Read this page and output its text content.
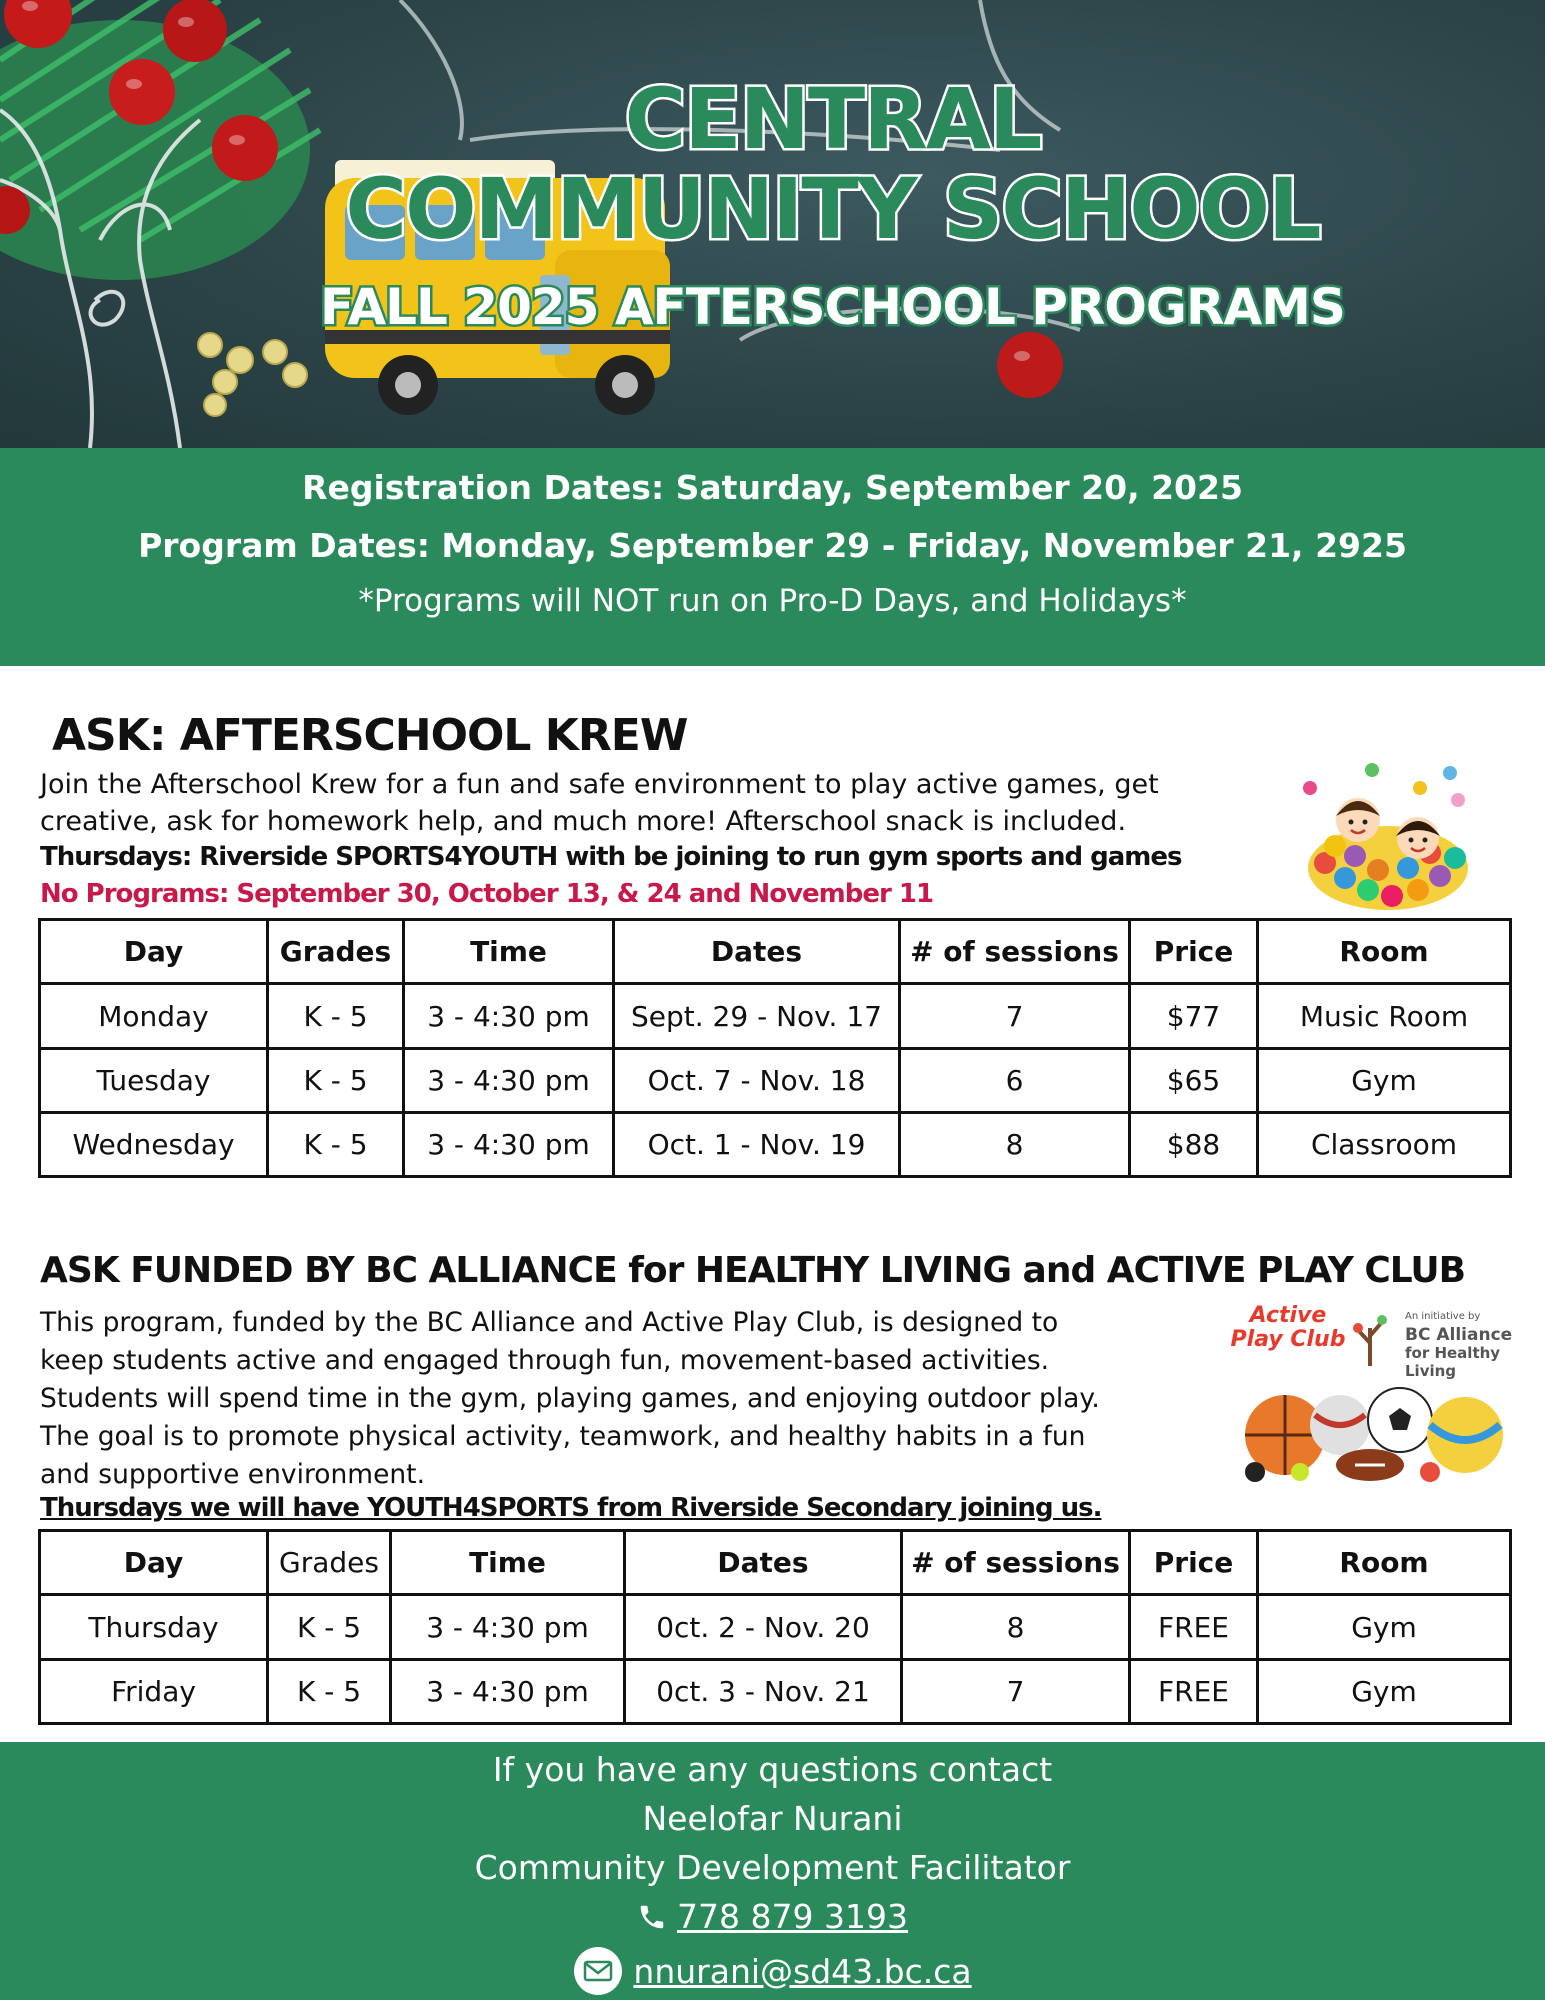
CENTRAL
COMMUNITY SCHOOL
FALL 2025 AFTERSCHOOL PROGRAMS
Registration Dates: Saturday, September 20, 2025
Program Dates: Monday, September 29 - Friday, November 21, 2925
*Programs will NOT run on Pro-D Days, and Holidays*
ASK: AFTERSCHOOL KREW
Join the Afterschool Krew for a fun and safe environment to play active games, get
creative, ask for homework help, and much more! Afterschool snack is included.
Thursdays: Riverside SPORTS4YOUTH with be joining to run gym sports and games
No Programs: September 30, October 13, & 24 and November 11
Day	Grades	Time	Dates	# of sessions	Price	Room
Monday	K - 5	3 - 4:30 pm	Sept. 29 - Nov. 17	7	$77	Music Room
Tuesday	K - 5	3 - 4:30 pm	Oct. 7 - Nov. 18	6	$65	Gym
Wednesday	K - 5	3 - 4:30 pm	Oct. 1 - Nov. 19	8	$88	Classroom
ASK FUNDED BY BC ALLIANCE for HEALTHY LIVING and ACTIVE PLAY CLUB
This program, funded by the BC Alliance and Active Play Club, is designed to
keep students active and engaged through fun, movement-based activities.
Students will spend time in the gym, playing games, and enjoying outdoor play.
The goal is to promote physical activity, teamwork, and healthy habits in a fun
and supportive environment.
Thursdays we will have YOUTH4SPORTS from Riverside Secondary joining us.
Active
Play Club
An initiative by
BC Alliance
for Healthy Living
Day	Grades	Time	Dates	# of sessions	Price	Room
Thursday	K - 5	3 - 4:30 pm	0ct. 2 - Nov. 20	8	FREE	Gym
Friday	K - 5	3 - 4:30 pm	0ct. 3 - Nov. 21	7	FREE	Gym
If you have any questions contact
Neelofar Nurani
Community Development Facilitator
778 879 3193
nnurani@sd43.bc.ca
